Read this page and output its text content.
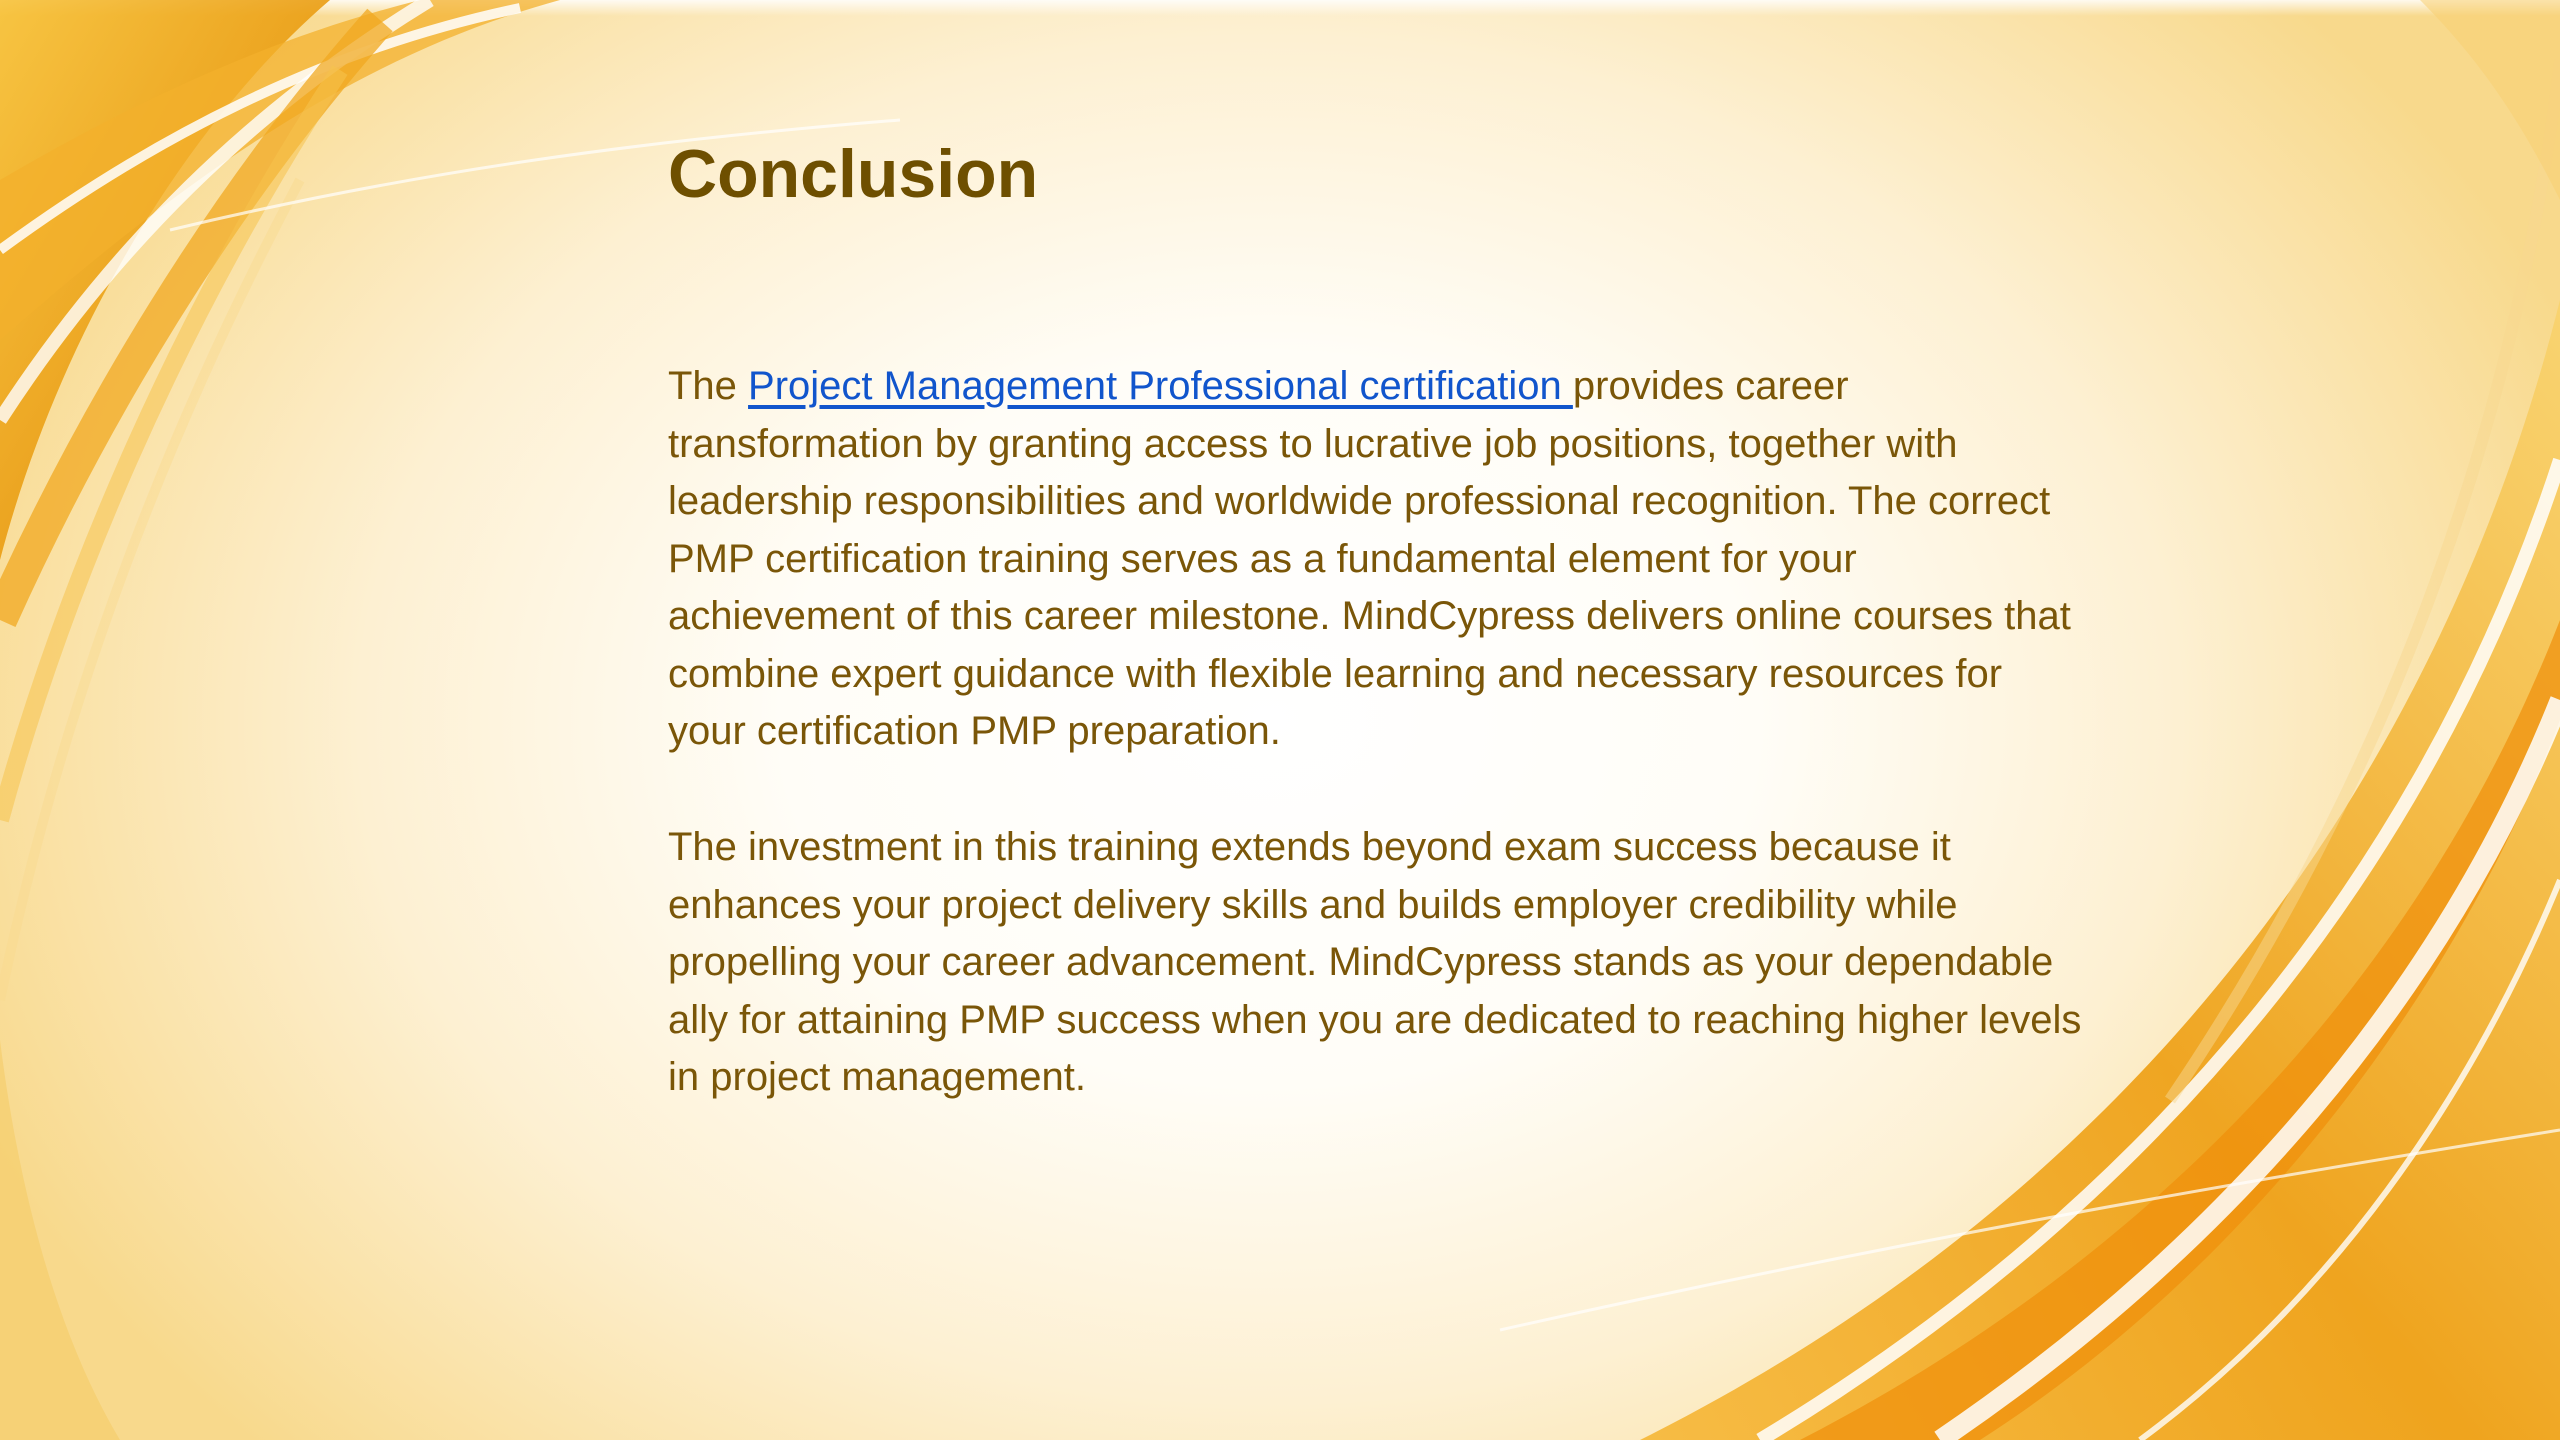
Conclusion

The Project Management Professional certification provides career transformation by granting access to lucrative job positions, together with leadership responsibilities and worldwide professional recognition. The correct PMP certification training serves as a fundamental element for your achievement of this career milestone. MindCypress delivers online courses that combine expert guidance with flexible learning and necessary resources for your certification PMP preparation.

The investment in this training extends beyond exam success because it enhances your project delivery skills and builds employer credibility while propelling your career advancement. MindCypress stands as your dependable ally for attaining PMP success when you are dedicated to reaching higher levels in project management.
